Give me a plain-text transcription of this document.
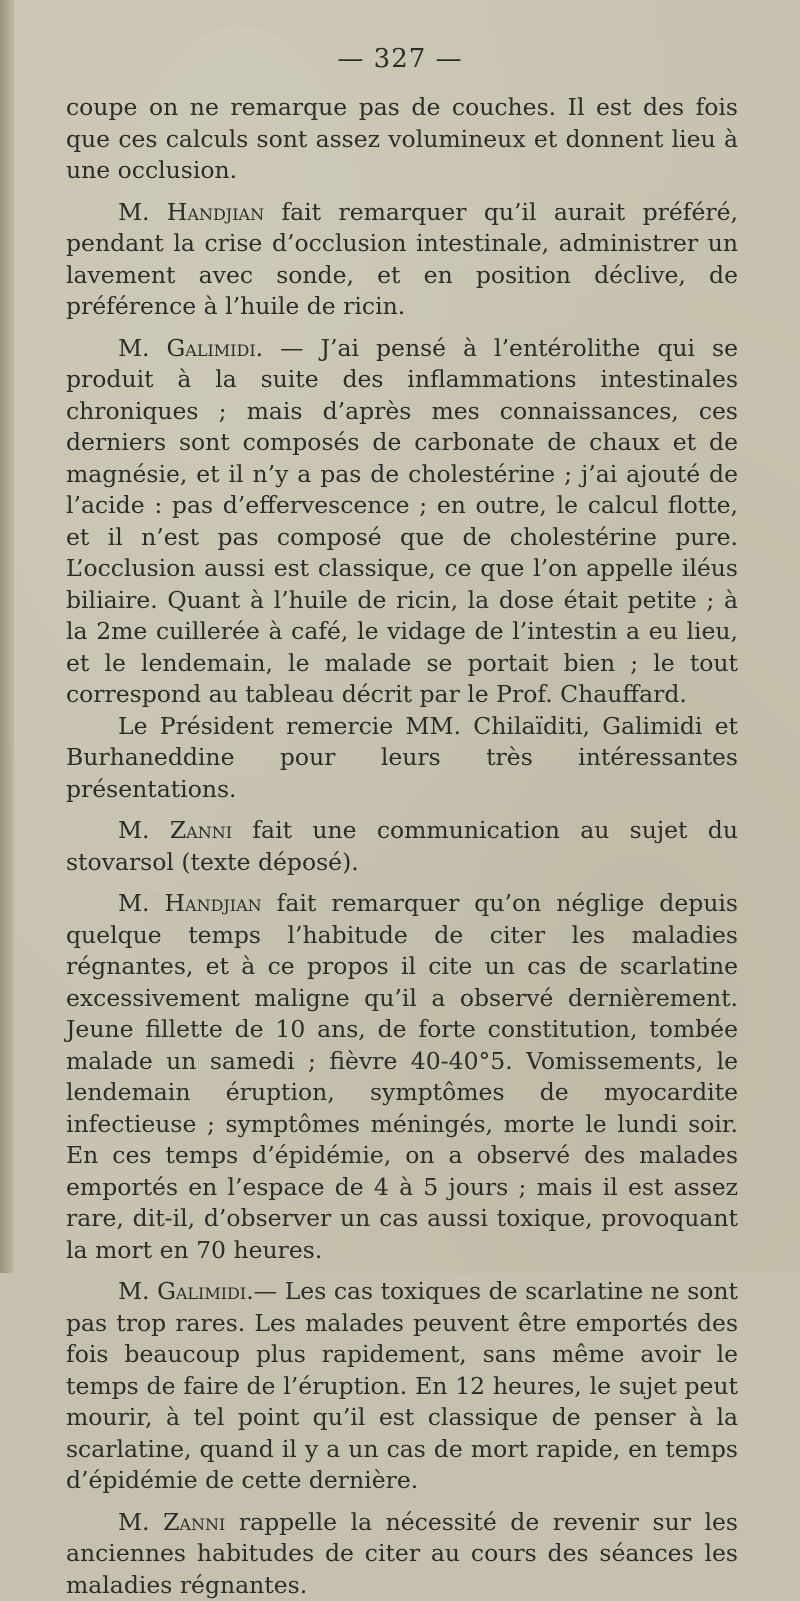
— 327 —

coupe on ne remarque pas de couches. Il est des fois que ces calculs sont assez volumineux et donnent lieu à une occlusion.

M. Handjian fait remarquer qu’il aurait préféré, pendant la crise d’occlusion intestinale, administrer un lavement avec sonde, et en position déclive, de préférence à l’huile de ricin.

M. Galimidi. — J’ai pensé à l’entérolithe qui se produit à la suite des inflammations intestinales chroniques ; mais d’après mes connaissances, ces derniers sont composés de carbonate de chaux et de magnésie, et il n’y a pas de cholestérine ; j’ai ajouté de l’acide : pas d’effervescence ; en outre, le calcul flotte, et il n’est pas composé que de cholestérine pure. L’occlusion aussi est classique, ce que l’on appelle iléus biliaire. Quant à l’huile de ricin, la dose était petite ; à la 2me cuillerée à café, le vidage de l’intestin a eu lieu, et le lendemain, le malade se portait bien ; le tout correspond au tableau décrit par le Prof. Chauffard.

Le Président remercie MM. Chilaïditi, Galimidi et Burhaneddine pour leurs très intéressantes présentations.

M. Zanni fait une communication au sujet du stovarsol (texte déposé).

M. Handjian fait remarquer qu’on néglige depuis quelque temps l’habitude de citer les maladies régnantes, et à ce propos il cite un cas de scarlatine excessivement maligne qu’il a observé dernièrement. Jeune fillette de 10 ans, de forte constitution, tombée malade un samedi ; fièvre 40-40°5. Vomissements, le lendemain éruption, symptômes de myocardite infectieuse ; symptômes méningés, morte le lundi soir. En ces temps d’épidémie, on a observé des malades emportés en l’espace de 4 à 5 jours ; mais il est assez rare, dit-il, d’observer un cas aussi toxique, provoquant la mort en 70 heures.

M. Galimidi.— Les cas toxiques de scarlatine ne sont pas trop rares. Les malades peuvent être emportés des fois beaucoup plus rapidement, sans même avoir le temps de faire de l’éruption. En 12 heures, le sujet peut mourir, à tel point qu’il est classique de penser à la scarlatine, quand il y a un cas de mort rapide, en temps d’épidémie de cette dernière.

M. Zanni rappelle la nécessité de revenir sur les anciennes habitudes de citer au cours des séances les maladies régnantes.
